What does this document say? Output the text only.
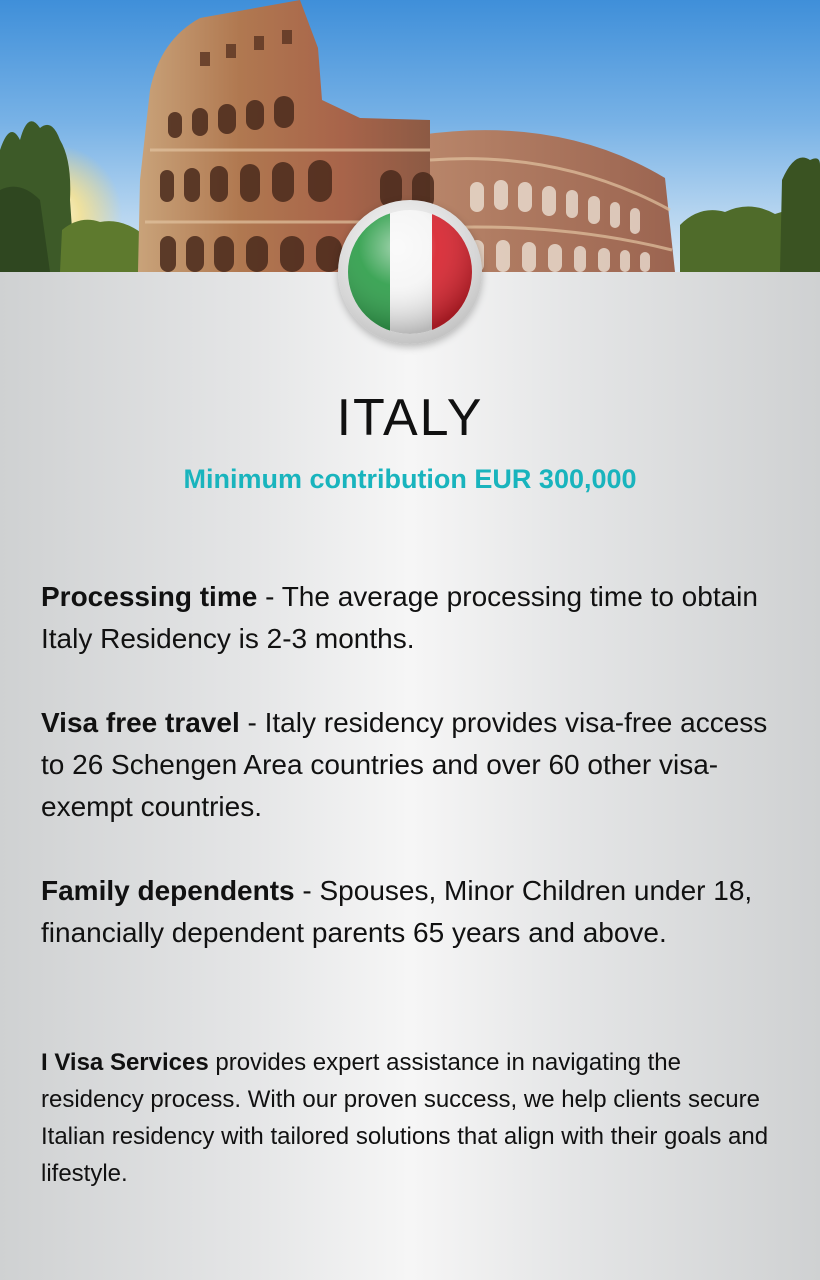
ITALY

Minimum contribution EUR 300,000

Processing time - The average processing time to obtain Italy Residency is 2-3 months.

Visa free travel - Italy residency provides visa-free access to 26 Schengen Area countries and over 60 other visa-exempt countries.

Family dependents - Spouses, Minor Children under 18, financially dependent parents 65 years and above.

I Visa Services provides expert assistance in navigating the residency process. With our proven success, we help clients secure Italian residency with tailored solutions that align with their goals and lifestyle.
